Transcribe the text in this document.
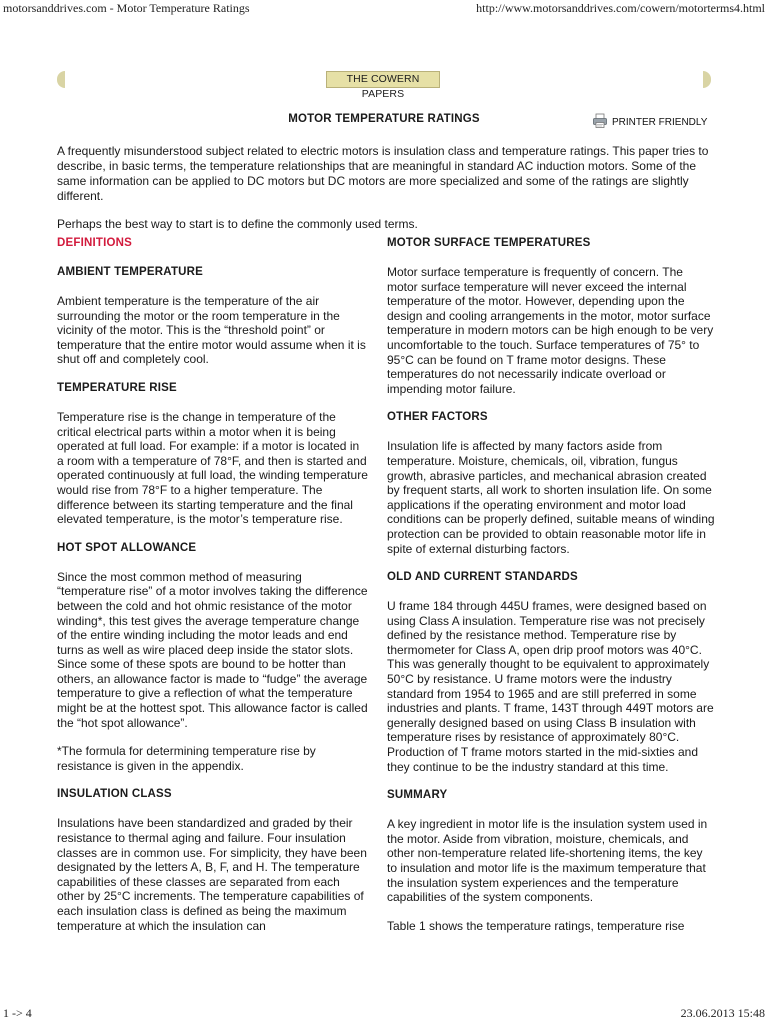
motorsanddrives.com - Motor Temperature Ratings	http://www.motorsanddrives.com/cowern/motorterms4.html
THE COWERN PAPERS
MOTOR TEMPERATURE RATINGS	PRINTER FRIENDLY

A frequently misunderstood subject related to electric motors is insulation class and temperature ratings. This paper tries to describe, in basic terms, the temperature relationships that are meaningful in standard AC induction motors. Some of the same information can be applied to DC motors but DC motors are more specialized and some of the ratings are slightly different.

Perhaps the best way to start is to define the commonly used terms.

DEFINITIONS
AMBIENT TEMPERATURE

Ambient temperature is the temperature of the air surrounding the motor or the room temperature in the vicinity of the motor. This is the “threshold point” or temperature that the entire motor would assume when it is shut off and completely cool.

TEMPERATURE RISE

Temperature rise is the change in temperature of the critical electrical parts within a motor when it is being operated at full load. For example: if a motor is located in a room with a temperature of 78°F, and then is started and operated continuously at full load, the winding temperature would rise from 78°F to a higher temperature. The difference between its starting temperature and the final elevated temperature, is the motor’s temperature rise.

HOT SPOT ALLOWANCE

Since the most common method of measuring “temperature rise” of a motor involves taking the difference between the cold and hot ohmic resistance of the motor winding*, this test gives the average temperature change of the entire winding including the motor leads and end turns as well as wire placed deep inside the stator slots. Since some of these spots are bound to be hotter than others, an allowance factor is made to “fudge” the average temperature to give a reflection of what the temperature might be at the hottest spot. This allowance factor is called the “hot spot allowance”.

*The formula for determining temperature rise by resistance is given in the appendix.

INSULATION CLASS

Insulations have been standardized and graded by their resistance to thermal aging and failure. Four insulation classes are in common use. For simplicity, they have been designated by the letters A, B, F, and H. The temperature capabilities of these classes are separated from each other by 25°C increments. The temperature capabilities of each insulation class is defined as being the maximum temperature at which the insulation can

MOTOR SURFACE TEMPERATURES

Motor surface temperature is frequently of concern. The motor surface temperature will never exceed the internal temperature of the motor. However, depending upon the design and cooling arrangements in the motor, motor surface temperature in modern motors can be high enough to be very uncomfortable to the touch. Surface temperatures of 75° to 95°C can be found on T frame motor designs. These temperatures do not necessarily indicate overload or impending motor failure.

OTHER FACTORS

Insulation life is affected by many factors aside from temperature. Moisture, chemicals, oil, vibration, fungus growth, abrasive particles, and mechanical abrasion created by frequent starts, all work to shorten insulation life. On some applications if the operating environment and motor load conditions can be properly defined, suitable means of winding protection can be provided to obtain reasonable motor life in spite of external disturbing factors.

OLD AND CURRENT STANDARDS

U frame 184 through 445U frames, were designed based on using Class A insulation. Temperature rise was not precisely defined by the resistance method. Temperature rise by thermometer for Class A, open drip proof motors was 40°C. This was generally thought to be equivalent to approximately 50°C by resistance. U frame motors were the industry standard from 1954 to 1965 and are still preferred in some industries and plants. T frame, 143T through 449T motors are generally designed based on using Class B insulation with temperature rises by resistance of approximately 80°C. Production of T frame motors started in the mid-sixties and they continue to be the industry standard at this time.

SUMMARY

A key ingredient in motor life is the insulation system used in the motor. Aside from vibration, moisture, chemicals, and other non-temperature related life-shortening items, the key to insulation and motor life is the maximum temperature that the insulation system experiences and the temperature capabilities of the system components.

Table 1 shows the temperature ratings, temperature rise

1 -> 4	23.06.2013 15:48
